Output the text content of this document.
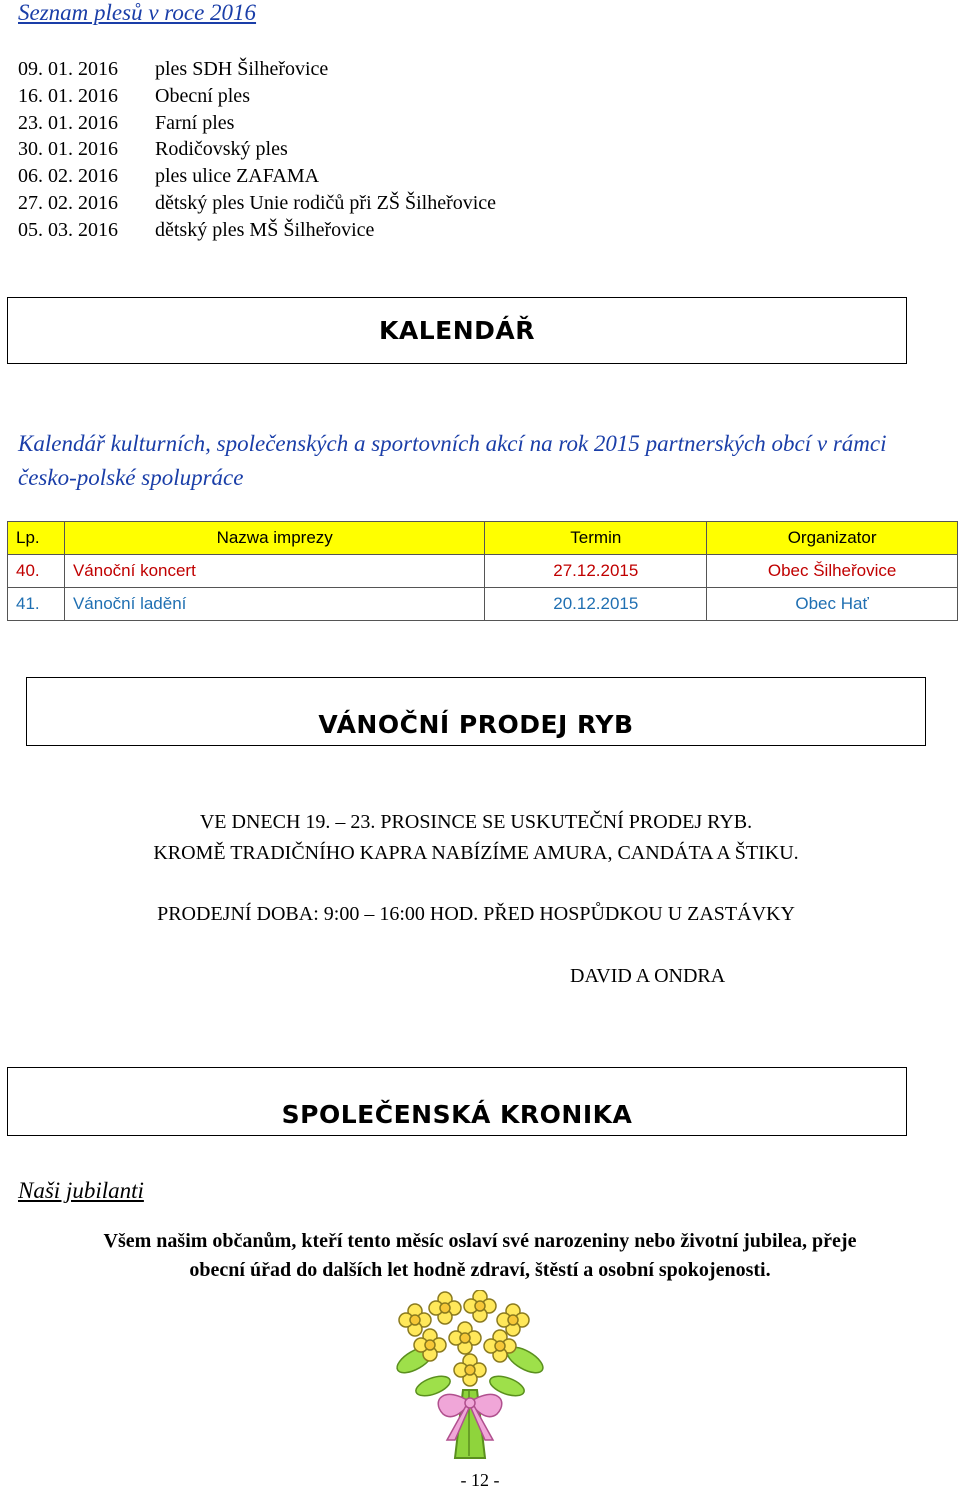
Seznam plesů v roce 2016
09. 01. 2016	ples SDH Šilheřovice
16. 01. 2016	Obecní ples
23. 01. 2016	Farní ples
30. 01. 2016	Rodičovský ples
06. 02. 2016	ples ulice ZAFAMA
27. 02. 2016	dětský ples Unie rodičů při ZŠ Šilheřovice
05. 03. 2016	dětský ples MŠ Šilheřovice
KALENDÁŘ
Kalendář kulturních, společenských a sportovních akcí na rok 2015 partnerských obcí v rámci česko-polské spolupráce
Lp.	Nazwa imprezy	Termin	Organizator
40.	Vánoční koncert	27.12.2015	Obec Šilheřovice
41.	Vánoční ladění	20.12.2015	Obec Hať
VÁNOČNÍ PRODEJ RYB
VE DNECH 19. – 23. PROSINCE SE USKUTEČNÍ PRODEJ RYB.
KROMĚ TRADIČNÍHO KAPRA NABÍZÍME AMURA, CANDÁTA A ŠTIKU.
PRODEJNÍ DOBA: 9:00 – 16:00 HOD. PŘED HOSPŮDKOU U ZASTÁVKY
DAVID A ONDRA
SPOLEČENSKÁ KRONIKA
Naši jubilanti
Všem našim občanům, kteří tento měsíc oslaví své narozeniny nebo životní jubilea, přeje
obecní úřad do dalších let hodně zdraví, štěstí a osobní spokojenosti.
- 12 -
